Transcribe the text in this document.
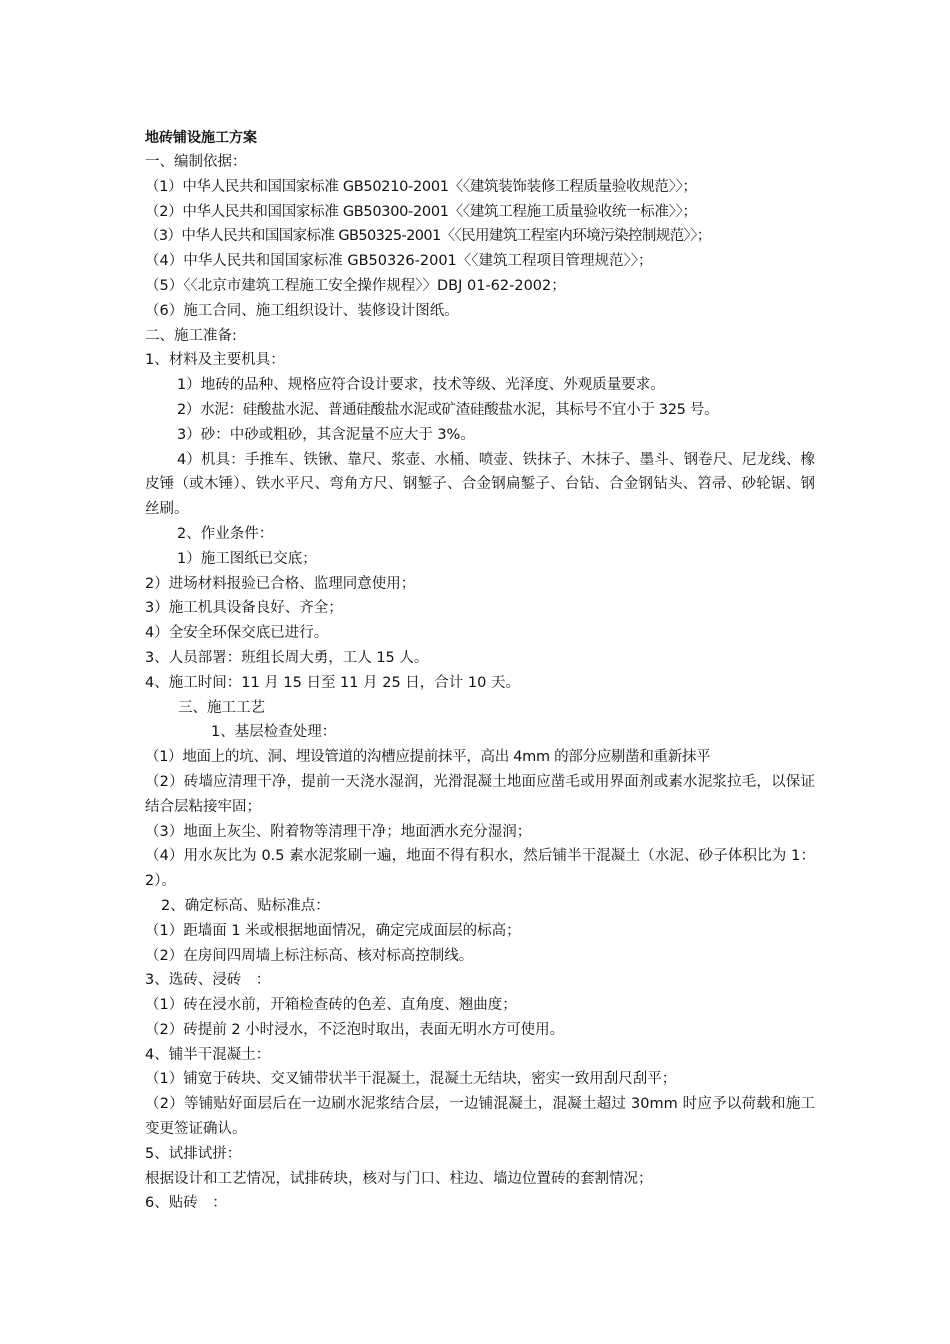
地砖铺设施工方案
一、编制依据：
（1）中华人民共和国国家标准 GB50210-2001〈〈建筑装饰装修工程质量验收规范〉〉；
（2）中华人民共和国国家标准 GB50300-2001〈〈建筑工程施工质量验收统一标准〉〉；
（3）中华人民共和国国家标准 GB50325-2001〈〈民用建筑工程室内环境污染控制规范〉〉；
（4）中华人民共和国国家标准 GB50326-2001〈〈建筑工程项目管理规范〉〉；
（5）〈〈北京市建筑工程施工安全操作规程〉〉DBJ 01-62-2002；
（6）施工合同、施工组织设计、装修设计图纸。
二、施工准备:
1、材料及主要机具：
1）地砖的品种、规格应符合设计要求，技术等级、光泽度、外观质量要求。
2）水泥：硅酸盐水泥、普通硅酸盐水泥或矿渣硅酸盐水泥，其标号不宜小于 325 号。
3）砂：中砂或粗砂，其含泥量不应大于 3%。
4）机具：手推车、铁锹、靠尺、浆壶、水桶、喷壶、铁抹子、木抹子、墨斗、钢卷尺、尼龙线、橡皮锤（或木锤）、铁水平尺、弯角方尺、钢錾子、合金钢扁錾子、台钻、合金钢钻头、笤帚、砂轮锯、钢丝刷。
2、作业条件：
1）施工图纸已交底；
2）进场材料报验已合格、监理同意使用；
3）施工机具设备良好、齐全；
4）全安全环保交底已进行。
3、人员部署：班组长周大勇，工人 15 人。
4、施工时间：11 月 15 日至 11 月 25 日，合计 10 天。
三、施工工艺
1、基层检查处理：
（1）地面上的坑、洞、埋设管道的沟槽应提前抹平，高出 4mm 的部分应剔凿和重新抹平
（2）砖墙应清理干净，提前一天浇水湿润，光滑混凝土地面应凿毛或用界面剂或素水泥浆拉毛，以保证结合层粘接牢固；
（3）地面上灰尘、附着物等清理干净；地面洒水充分湿润；
（4）用水灰比为 0.5 素水泥浆刷一遍，地面不得有积水，然后铺半干混凝土（水泥、砂子体积比为 1：2）。
2、确定标高、贴标准点：
（1）距墙面 1 米或根据地面情况，确定完成面层的标高；
（2）在房间四周墙上标注标高、核对标高控制线。
3、选砖、浸砖　：
（1）砖在浸水前，开箱检查砖的色差、直角度、翘曲度；
（2）砖提前 2 小时浸水，不泛泡时取出，表面无明水方可使用。
4、铺半干混凝土：
（1）铺宽于砖块、交叉铺带状半干混凝土，混凝土无结块，密实一致用刮尺刮平；
（2）等铺贴好面层后在一边刷水泥浆结合层，一边铺混凝土，混凝土超过 30mm 时应予以荷载和施工变更签证确认。
5、试排试拼：
根据设计和工艺情况，试排砖块，核对与门口、柱边、墙边位置砖的套割情况；
6、贴砖　：
